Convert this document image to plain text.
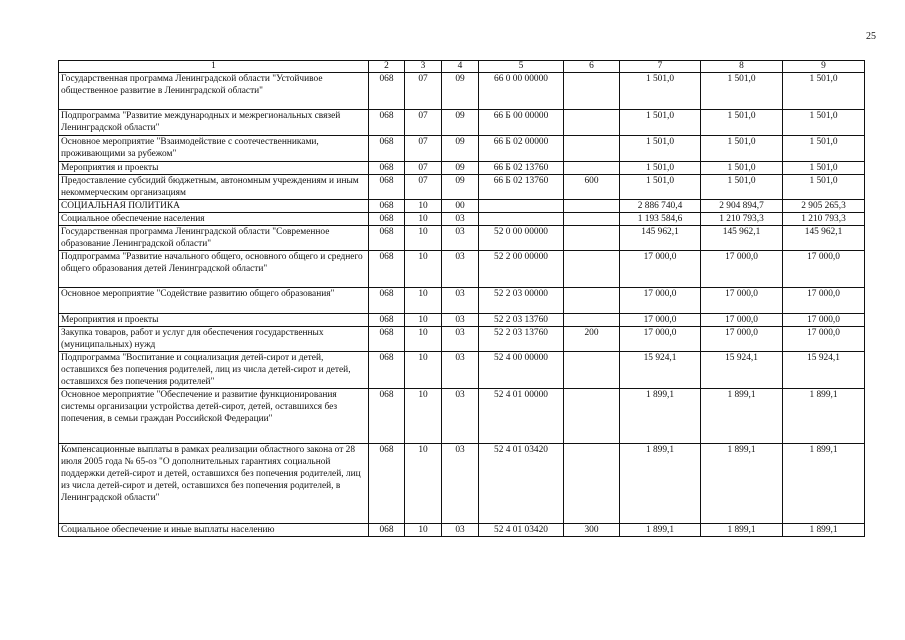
25
1	2	3	4	5	6	7	8	9
Государственная программа Ленинградской области "Устойчивое общественное развитие в Ленинградской области"	068	07	09	66 0 00 00000		1 501,0	1 501,0	1 501,0
Подпрограмма "Развитие международных и межрегиональных связей Ленинградской области"	068	07	09	66 Б 00 00000		1 501,0	1 501,0	1 501,0
Основное мероприятие "Взаимодействие с соотечественниками, проживающими за рубежом"	068	07	09	66 Б 02 00000		1 501,0	1 501,0	1 501,0
Мероприятия и проекты	068	07	09	66 Б 02 13760		1 501,0	1 501,0	1 501,0
Предоставление субсидий бюджетным, автономным учреждениям и иным некоммерческим организациям	068	07	09	66 Б 02 13760	600	1 501,0	1 501,0	1 501,0
СОЦИАЛЬНАЯ ПОЛИТИКА	068	10	00			2 886 740,4	2 904 894,7	2 905 265,3
Социальное обеспечение населения	068	10	03			1 193 584,6	1 210 793,3	1 210 793,3
Государственная программа Ленинградской области "Современное образование Ленинградской области"	068	10	03	52 0 00 00000		145 962,1	145 962,1	145 962,1
Подпрограмма "Развитие начального общего, основного общего и среднего общего образования детей Ленинградской области"	068	10	03	52 2 00 00000		17 000,0	17 000,0	17 000,0
Основное мероприятие "Содействие развитию общего образования"	068	10	03	52 2 03 00000		17 000,0	17 000,0	17 000,0
Мероприятия и проекты	068	10	03	52 2 03 13760		17 000,0	17 000,0	17 000,0
Закупка товаров, работ и услуг для обеспечения государственных (муниципальных) нужд	068	10	03	52 2 03 13760	200	17 000,0	17 000,0	17 000,0
Подпрограмма "Воспитание и социализация детей-сирот и детей, оставшихся без попечения родителей, лиц из числа детей-сирот и детей, оставшихся без попечения родителей"	068	10	03	52 4 00 00000		15 924,1	15 924,1	15 924,1
Основное мероприятие "Обеспечение и развитие функционирования системы организации устройства детей-сирот, детей, оставшихся без попечения, в семьи граждан Российской Федерации"	068	10	03	52 4 01 00000		1 899,1	1 899,1	1 899,1
Компенсационные выплаты в рамках реализации областного закона от 28 июля 2005 года № 65-оз "О дополнительных гарантиях социальной поддержки детей-сирот и детей, оставшихся без попечения родителей, лиц из числа детей-сирот и детей, оставшихся без попечения родителей, в Ленинградской области"	068	10	03	52 4 01 03420		1 899,1	1 899,1	1 899,1
Социальное обеспечение и иные выплаты населению	068	10	03	52 4 01 03420	300	1 899,1	1 899,1	1 899,1
